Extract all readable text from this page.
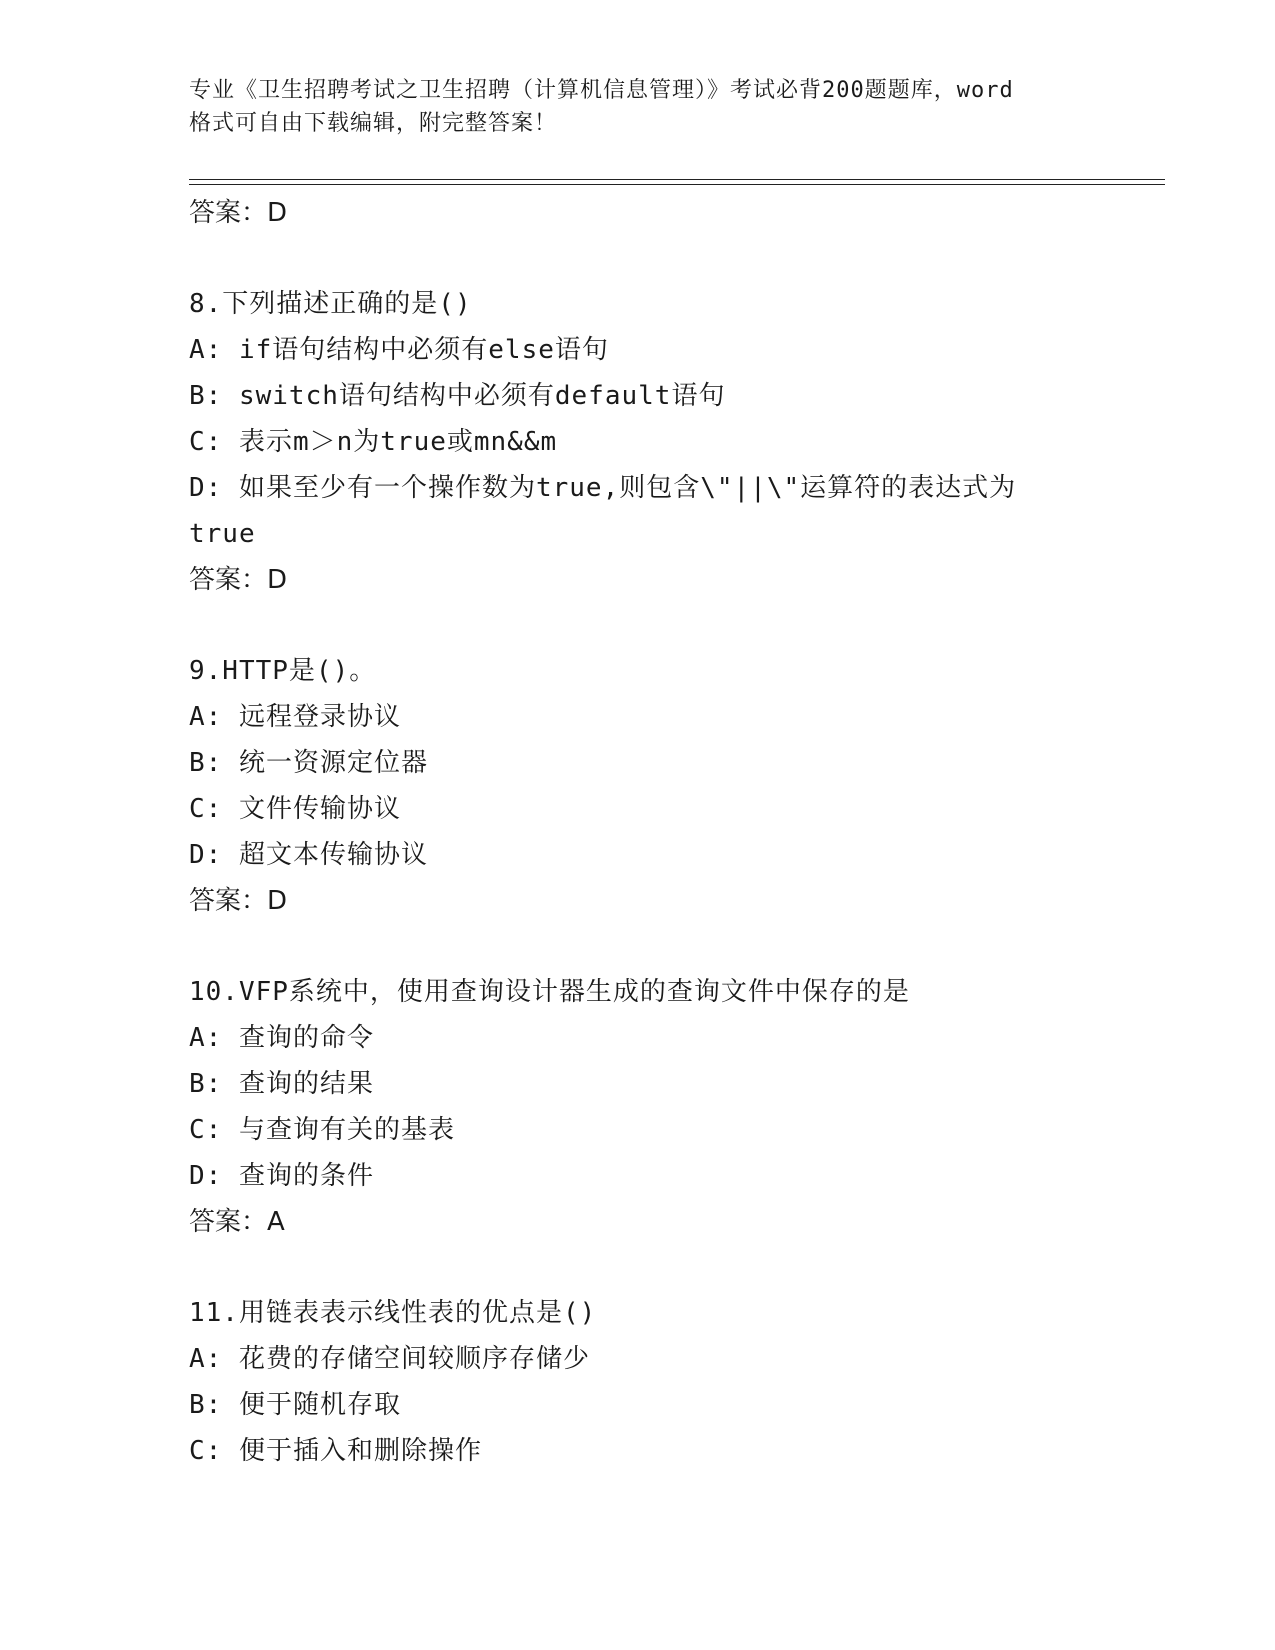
专业《卫生招聘考试之卫生招聘（计算机信息管理）》考试必背200题题库，word
格式可自由下载编辑，附完整答案！
答案：D
8.下列描述正确的是()
A: if语句结构中必须有else语句
B: switch语句结构中必须有default语句
C: 表示m＞n为true或mn&&m
D: 如果至少有一个操作数为true,则包含\"||\"运算符的表达式为
true
答案：D
9.HTTP是()。
A: 远程登录协议
B: 统一资源定位器
C: 文件传输协议
D: 超文本传输协议
答案：D
10.VFP系统中，使用查询设计器生成的查询文件中保存的是
A: 查询的命令
B: 查询的结果
C: 与查询有关的基表
D: 查询的条件
答案：A
11.用链表表示线性表的优点是()
A: 花费的存储空间较顺序存储少
B: 便于随机存取
C: 便于插入和删除操作
